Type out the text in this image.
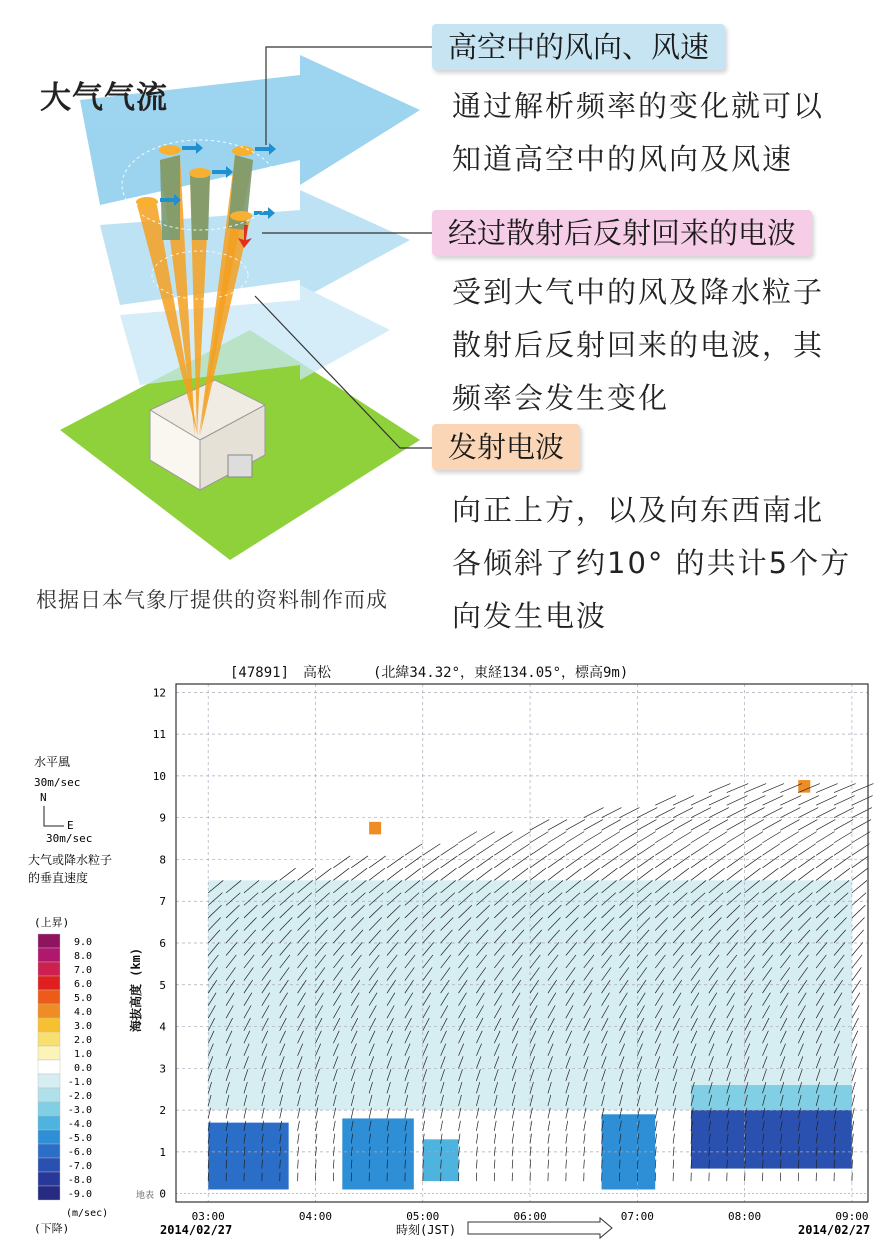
大气气流
高空中的风向、风速
通过解析频率的变化就可以
知道高空中的风向及风速
经过散射后反射回来的电波
受到大气中的风及降水粒子
散射后反射回来的电波，其
频率会发生变化
发射电波
向正上方，以及向东西南北
各倾斜了约10° 的共计5个方
向发生电波
根据日本气象厅提供的资料制作而成
[47891]　高松　　　(北緯34.32°，東経134.05°，標高9m)
水平風
30m/sec
N
E
30m/sec
大气或降水粒子
的垂直速度
(上昇)
9.0
8.0
7.0
6.0
5.0
4.0
3.0
2.0
1.0
0.0
-1.0
-2.0
-3.0
-4.0
-5.0
-6.0
-7.0
-8.0
-9.0
(下降)
(m/sec)
0
1
2
3
4
5
6
7
8
9
10
11
12
03:00	04:00	05:00	06:00	07:00	08:00	09:00
地表
海抜高度 (km)
2014/02/27	2014/02/27
時刻(JST)
